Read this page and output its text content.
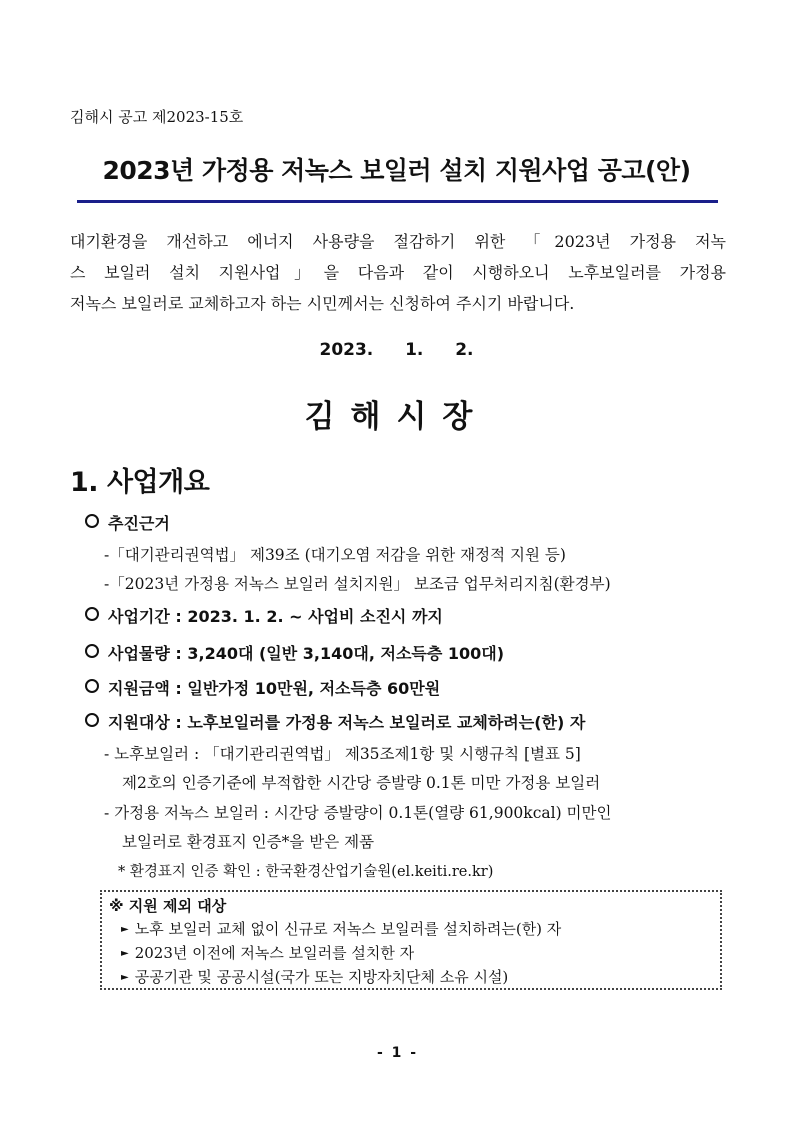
김해시 공고 제2023-15호
2023년 가정용 저녹스 보일러 설치 지원사업 공고(안)
대기환경을 개선하고 에너지 사용량을 절감하기 위한 「2023년 가정용 저녹
스 보일러 설치 지원사업」을 다음과 같이 시행하오니 노후보일러를 가정용
저녹스 보일러로 교체하고자 하는 시민께서는 신청하여 주시기 바랍니다.
2023.  1.  2.
김해시장
1. 사업개요
추진근거
-「대기관리권역법」 제39조 (대기오염 저감을 위한 재정적 지원 등)
-「2023년 가정용 저녹스 보일러 설치지원」 보조금 업무처리지침(환경부)
사업기간 : 2023. 1. 2. ~ 사업비 소진시 까지
사업물량 : 3,240대 (일반 3,140대, 저소득층 100대)
지원금액 : 일반가정 10만원, 저소득층 60만원
지원대상 : 노후보일러를 가정용 저녹스 보일러로 교체하려는(한) 자
- 노후보일러 : 「대기관리권역법」 제35조제1항 및 시행규칙 [별표 5]
제2호의 인증기준에 부적합한 시간당 증발량 0.1톤 미만 가정용 보일러
- 가정용 저녹스 보일러 : 시간당 증발량이 0.1톤(열량 61,900kcal) 미만인
보일러로 환경표지 인증*을 받은 제품
* 환경표지 인증 확인 : 한국환경산업기술원(el.keiti.re.kr)
※ 지원 제외 대상
► 노후 보일러 교체 없이 신규로 저녹스 보일러를 설치하려는(한) 자
► 2023년 이전에 저녹스 보일러를 설치한 자
► 공공기관 및 공공시설(국가 또는 지방자치단체 소유 시설)
- 1 -
